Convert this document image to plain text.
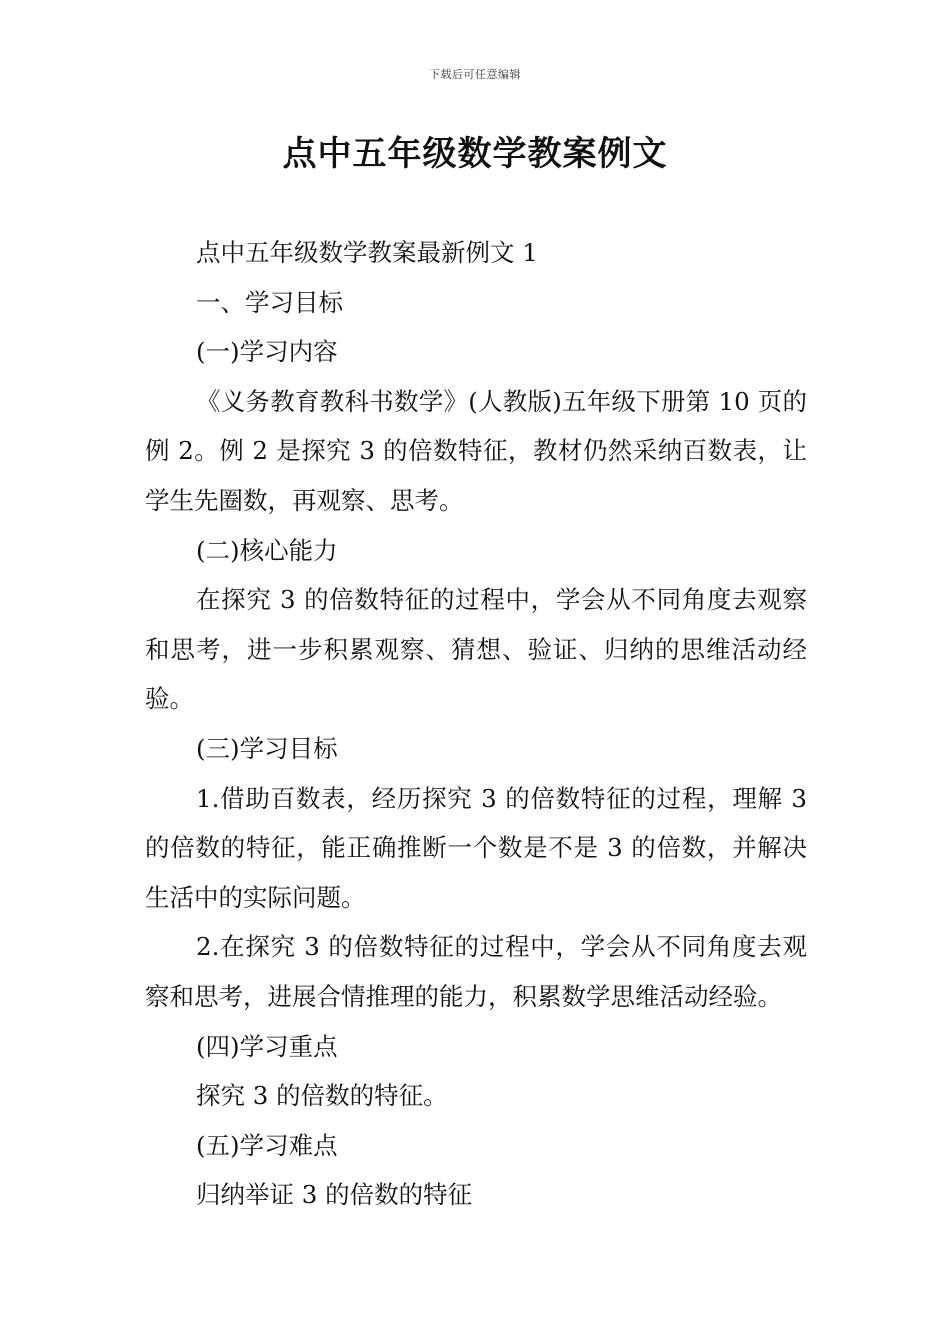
下载后可任意编辑
点中五年级数学教案例文

点中五年级数学教案最新例文 1

一、学习目标

(一)学习内容

《义务教育教科书数学》(人教版)五年级下册第 10 页的例 2。例 2 是探究 3 的倍数特征，教材仍然采纳百数表，让学生先圈数，再观察、思考。

(二)核心能力

在探究 3 的倍数特征的过程中，学会从不同角度去观察和思考，进一步积累观察、猜想、验证、归纳的思维活动经验。

(三)学习目标

1.借助百数表，经历探究 3 的倍数特征的过程，理解 3 的倍数的特征，能正确推断一个数是不是 3 的倍数，并解决生活中的实际问题。

2.在探究 3 的倍数特征的过程中，学会从不同角度去观察和思考，进展合情推理的能力，积累数学思维活动经验。

(四)学习重点

探究 3 的倍数的特征。

(五)学习难点

归纳举证 3 的倍数的特征
